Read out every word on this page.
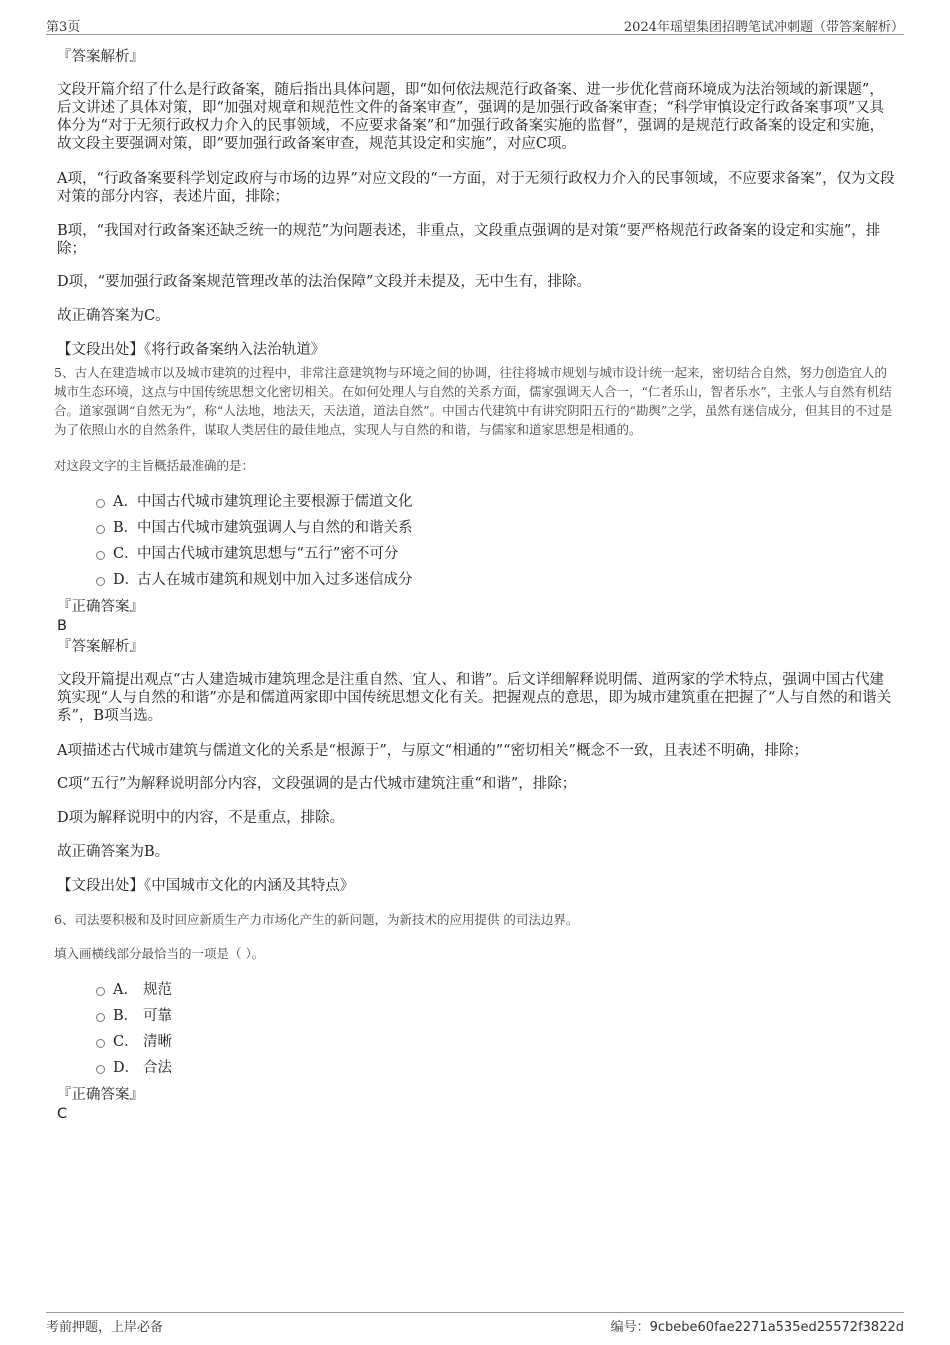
第3页	2024年瑶望集团招聘笔试冲刺题（带答案解析）
『答案解析』
文段开篇介绍了什么是行政备案，随后指出具体问题，即“如何依法规范行政备案、进一步优化营商环境成为法治领域的新课题”，后文讲述了具体对策，即“加强对规章和规范性文件的备案审查”，强调的是加强行政备案审查；“科学审慎设定行政备案事项”又具体分为“对于无须行政权力介入的民事领域，不应要求备案”和“加强行政备案实施的监督”，强调的是规范行政备案的设定和实施，故文段主要强调对策，即“要加强行政备案审查，规范其设定和实施”，对应C项。
A项，“行政备案要科学划定政府与市场的边界”对应文段的“一方面，对于无须行政权力介入的民事领域，不应要求备案”，仅为文段对策的部分内容，表述片面，排除；
B项，“我国对行政备案还缺乏统一的规范”为问题表述，非重点，文段重点强调的是对策“要严格规范行政备案的设定和实施”，排除；
D项，“要加强行政备案规范管理改革的法治保障”文段并未提及，无中生有，排除。
故正确答案为C。
【文段出处】《将行政备案纳入法治轨道》
5、古人在建造城市以及城市建筑的过程中，非常注意建筑物与环境之间的协调，往往将城市规划与城市设计统一起来，密切结合自然，努力创造宜人的城市生态环境，这点与中国传统思想文化密切相关。在如何处理人与自然的关系方面，儒家强调天人合一，“仁者乐山，智者乐水”，主张人与自然有机结合。道家强调“自然无为”，称“人法地，地法天，天法道，道法自然”。中国古代建筑中有讲究阴阳五行的“勘舆”之学，虽然有迷信成分，但其目的不过是为了依照山水的自然条件，谋取人类居住的最佳地点，实现人与自然的和谐，与儒家和道家思想是相通的。
对这段文字的主旨概括最准确的是：
A．中国古代城市建筑理论主要根源于儒道文化
B．中国古代城市建筑强调人与自然的和谐关系
C．中国古代城市建筑思想与“五行”密不可分
D．古人在城市建筑和规划中加入过多迷信成分
『正确答案』
B
『答案解析』
文段开篇提出观点“古人建造城市建筑理念是注重自然、宜人、和谐”。后文详细解释说明儒、道两家的学术特点，强调中国古代建筑实现“人与自然的和谐”亦是和儒道两家即中国传统思想文化有关。把握观点的意思，即为城市建筑重在把握了“人与自然的和谐关系”，B项当选。
A项描述古代城市建筑与儒道文化的关系是“根源于”，与原文“相通的”“密切相关”概念不一致，且表述不明确，排除；
C项“五行”为解释说明部分内容，文段强调的是古代城市建筑注重“和谐”，排除；
D项为解释说明中的内容，不是重点，排除。
故正确答案为B。
【文段出处】《中国城市文化的内涵及其特点》
6、司法要积极和及时回应新质生产力市场化产生的新问题，为新技术的应用提供 的司法边界。
填入画横线部分最恰当的一项是（ ）。
A． 规范
B． 可靠
C． 清晰
D． 合法
『正确答案』
C
考前押题，上岸必备	编号：9cbebe60fae2271a535ed25572f3822d
